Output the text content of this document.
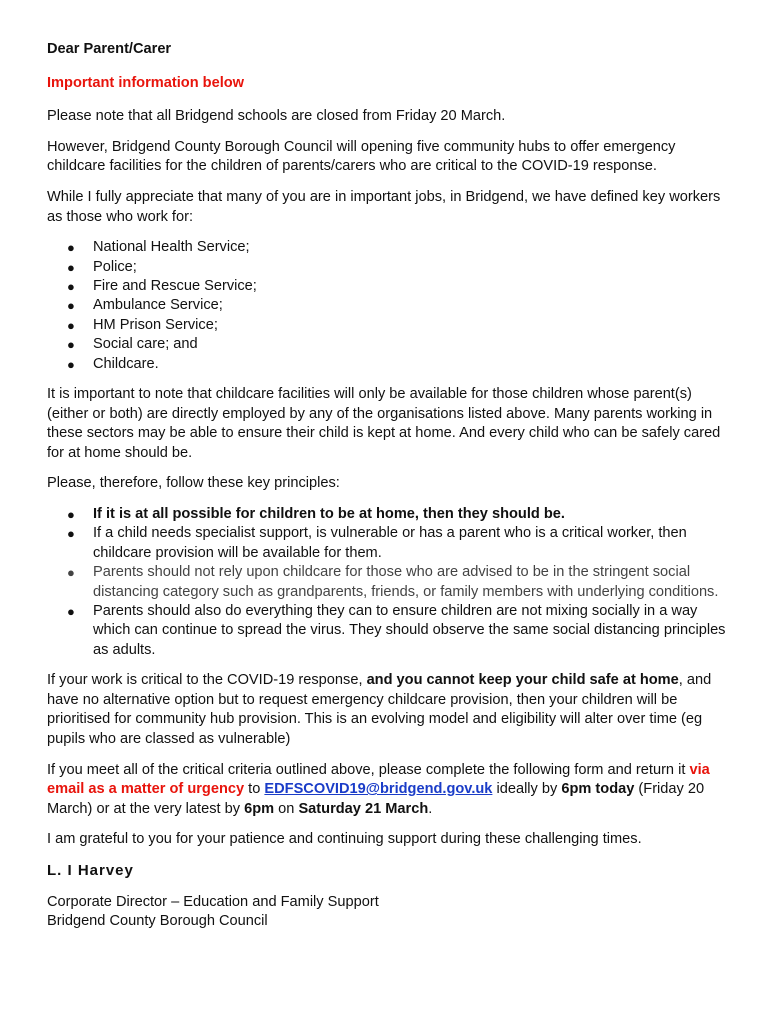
Dear Parent/Carer

Important information below

Please note that all Bridgend schools are closed from Friday 20 March.

However, Bridgend County Borough Council will opening five community hubs to offer emergency childcare facilities for the children of parents/carers who are critical to the COVID-19 response.

While I fully appreciate that many of you are in important jobs, in Bridgend, we have defined key workers as those who work for:

● National Health Service;
● Police;
● Fire and Rescue Service;
● Ambulance Service;
● HM Prison Service;
● Social care; and
● Childcare.

It is important to note that childcare facilities will only be available for those children whose parent(s) (either or both) are directly employed by any of the organisations listed above. Many parents working in these sectors may be able to ensure their child is kept at home. And every child who can be safely cared for at home should be.

Please, therefore, follow these key principles:

● If it is at all possible for children to be at home, then they should be.
● If a child needs specialist support, is vulnerable or has a parent who is a critical worker, then childcare provision will be available for them.
● Parents should not rely upon childcare for those who are advised to be in the stringent social distancing category such as grandparents, friends, or family members with underlying conditions.
● Parents should also do everything they can to ensure children are not mixing socially in a way which can continue to spread the virus. They should observe the same social distancing principles as adults.

If your work is critical to the COVID-19 response, and you cannot keep your child safe at home, and have no alternative option but to request emergency childcare provision, then your children will be prioritised for community hub provision. This is an evolving model and eligibility will alter over time (eg pupils who are classed as vulnerable)

If you meet all of the critical criteria outlined above, please complete the following form and return it via email as a matter of urgency to EDFSCOVID19@bridgend.gov.uk ideally by 6pm today (Friday 20 March) or at the very latest by 6pm on Saturday 21 March.

I am grateful to you for your patience and continuing support during these challenging times.

L. I Harvey

Corporate Director – Education and Family Support

Bridgend County Borough Council
